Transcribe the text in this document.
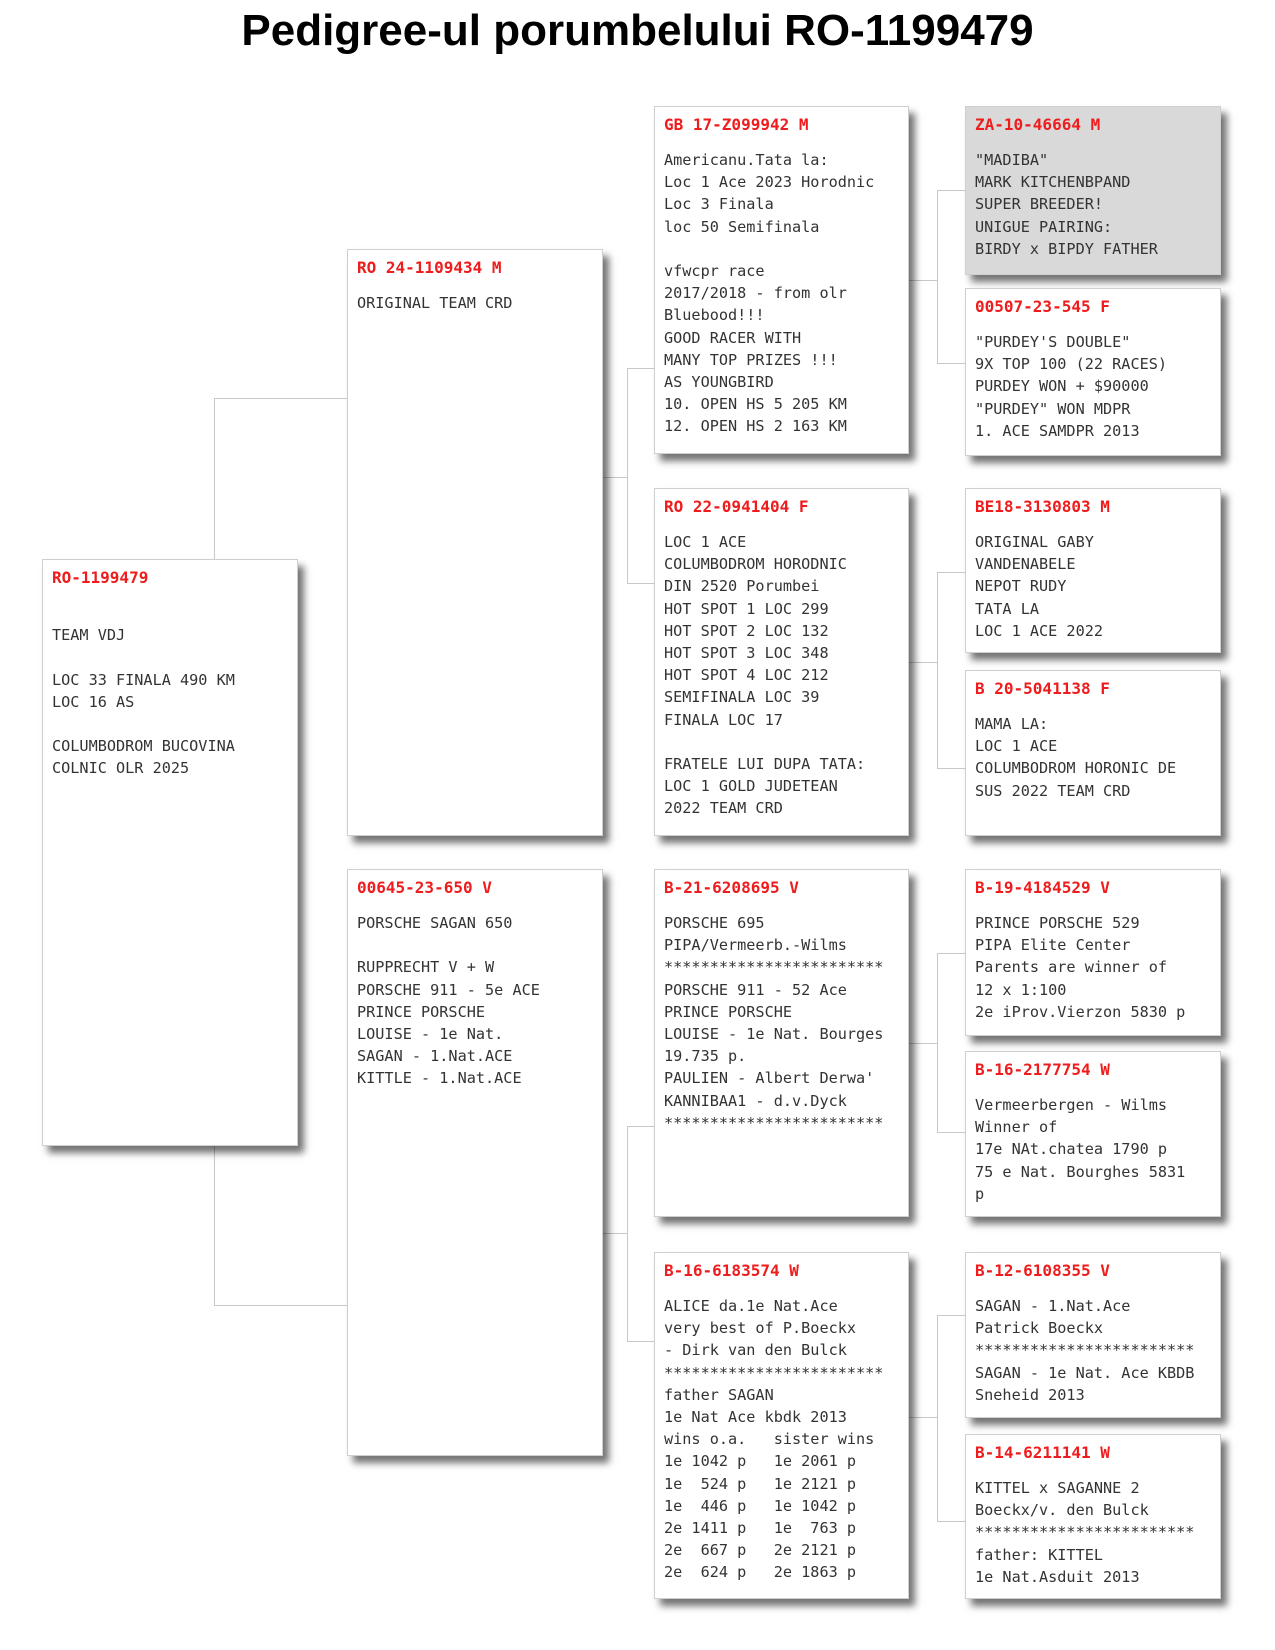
Pedigree-ul porumbelului RO-1199479
RO-1199479

TEAM VDJ

LOC 33 FINALA 490 KM
LOC 16 AS

COLUMBODROM BUCOVINA
COLNIC OLR 2025
RO 24-1109434 M
ORIGINAL TEAM CRD
00645-23-650 V
PORSCHE SAGAN 650

RUPPRECHT V + W
PORSCHE 911 - 5e ACE
PRINCE PORSCHE
LOUISE - 1e Nat.
SAGAN - 1.Nat.ACE
KITTLE - 1.Nat.ACE
GB 17-Z099942 M
Americanu.Tata la:
Loc 1 Ace 2023 Horodnic
Loc 3 Finala
loc 50 Semifinala

vfwcpr race
2017/2018 - from olr
Bluebood!!!
GOOD RACER WITH
MANY TOP PRIZES !!!
AS YOUNGBIRD
10. OPEN HS 5 205 KM
12. OPEN HS 2 163 KM
RO 22-0941404 F
LOC 1 ACE
COLUMBODROM HORODNIC
DIN 2520 Porumbei
HOT SPOT 1 LOC 299
HOT SPOT 2 LOC 132
HOT SPOT 3 LOC 348
HOT SPOT 4 LOC 212
SEMIFINALA LOC 39
FINALA LOC 17

FRATELE LUI DUPA TATA:
LOC 1 GOLD JUDETEAN
2022 TEAM CRD
B-21-6208695 V
PORSCHE 695
PIPA/Vermeerb.-Wilms
************************
PORSCHE 911 - 52 Ace
PRINCE PORSCHE
LOUISE - 1e Nat. Bourges
19.735 p.
PAULIEN - Albert Derwa'
KANNIBAA1 - d.v.Dyck
************************
B-16-6183574 W
ALICE da.1e Nat.Ace
very best of P.Boeckx
- Dirk van den Bulck
************************
father SAGAN
1e Nat Ace kbdk 2013
wins o.a.   sister wins
1e 1042 p   1e 2061 p
1e  524 p   1e 2121 p
1e  446 p   1e 1042 p
2e 1411 p   1e  763 p
2e  667 p   2e 2121 p
2e  624 p   2e 1863 p
ZA-10-46664 M
"MADIBA"
MARK KITCHENBPAND
SUPER BREEDER!
UNIGUE PAIRING:
BIRDY x BIPDY FATHER
00507-23-545 F
"PURDEY'S DOUBLE"
9X TOP 100 (22 RACES)
PURDEY WON + $90000
"PURDEY" WON MDPR
1. ACE SAMDPR 2013
BE18-3130803 M
ORIGINAL GABY
VANDENABELE
NEPOT RUDY
TATA LA
LOC 1 ACE 2022
B 20-5041138 F
MAMA LA:
LOC 1 ACE
COLUMBODROM HORONIC DE
SUS 2022 TEAM CRD
B-19-4184529 V
PRINCE PORSCHE 529
PIPA Elite Center
Parents are winner of
12 x 1:100
2e iProv.Vierzon 5830 p
B-16-2177754 W

Vermeerbergen - Wilms
Winner of
17e NAt.chatea 1790 p
75 e Nat. Bourghes 5831
p
B-12-6108355 V
SAGAN - 1.Nat.Ace
Patrick Boeckx
************************
SAGAN - 1e Nat. Ace KBDB
Sneheid 2013
B-14-6211141 W
KITTEL x SAGANNE 2
Boeckx/v. den Bulck
************************
father: KITTEL
1e Nat.Asduit 2013
